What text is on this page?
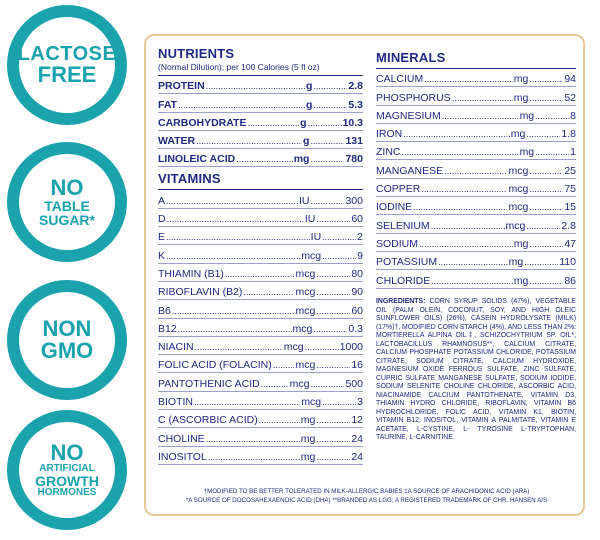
LACTOSE
FREE
NO
TABLE
SUGAR*
NON
GMO
NO
ARTIFICIAL
GROWTH
HORMONES
NUTRIENTS
(Normal Dilution); per 100 Calories (5 fl oz)
PROTEIN .....	g .....	2.8
FAT .....	g .....	5.3
CARBOHYDRATE .....	g .....	10.3
WATER .....	g .....	131
LINOLEIC ACID .....	mg .....	780
VITAMINS
A .....	IU .....	300
D .....	IU .....	60
E .....	IU .....	2
K .....	mcg .....	9
THIAMIN (B1) .....	mcg .....	80
RIBOFLAVIN (B2) .....	mcg .....	90
B6 .....	mcg .....	60
B12 .....	mcg .....	0.3
NIACIN .....	mcg .....	1000
FOLIC ACID (FOLACIN) ..... mcg .....	16
PANTOTHENIC ACID .....	mcg .....	500
BIOTIN .....	mcg .....	3
C (ASCORBIC ACID) .....	mg .....	12
CHOLINE .....	mg .....	24
INOSITOL .....	mg .....	24
MINERALS
CALCIUM .....	mg .....	94
PHOSPHORUS .....	mg .....	52
MAGNESIUM .....	mg .....	8
IRON .....	mg .....	1.8
ZINC .....	mg .....	1
MANGANESE .....	mcg .....	25
COPPER .....	mcg .....	75
IODINE .....	mcg .....	15
SELENIUM .....	mcg .....	2.8
SODIUM .....	mg .....	47
POTASSIUM .....	mg .....	110
CHLORIDE .....	mg .....	86
INGREDIENTS: CORN SYRUP SOLIDS (47%), VEGETABLE OIL (PALM OLEIN, COCONUT, SOY, AND HIGH OLEIC SUNFLOWER OILS) (26%), CASEIN HYDROLYSATE (MILK) (17%)†, MODIFIED CORN STARCH (4%), AND LESS THAN 2%: MORTIERELLA ALPINA OIL‡, SCHIZOCHYTRIUM SP. OIL*, LACTOBACILLUS RHAMNOSUS**, CALCIUM CITRATE, CALCIUM PHOSPHATE POTASSIUM CHLORIDE, POTASSIUM CITRATE, SODIUM CITRATE, CALCIUM HYDROXIDE, MAGNESIUM OXIDE FERROUS SULFATE, ZINC SULFATE, CUPRIC SULFATE MANGANESE SULFATE, SODIUM IODIDE, SODIUM SELENITE CHOLINE CHLORIDE, ASCORBIC ACID, NIACINAMIDE CALCIUM PANTOTHENATE, VITAMIN D3, THIAMIN HYDRO CHLORIDE, RIBOFLAVIN, VITAMIN B6 HYDROCHLORIDE, FOLIC ACID, VITAMIN K1, BIOTIN, VITAMIN B12, INOSITOL, VITAMIN A PALMITATE, VITAMIN E ACETATE, L-CYSTINE, L- TYROSINE L-TRYPTOPHAN, TAURINE, L-CARNITINE.
†MODIFIED TO BE BETTER TOLERATED IN MILK-ALLERGIC BABIES ‡A SOURCE OF ARACHIDONIC ACID (ARA)
*A SOURCE OF DOCOSAHEXAENOIC ACID (DHA) **BRANDED AS LGG; A REGISTERED TRADEMARK OF CHR. HANSEN A/S
